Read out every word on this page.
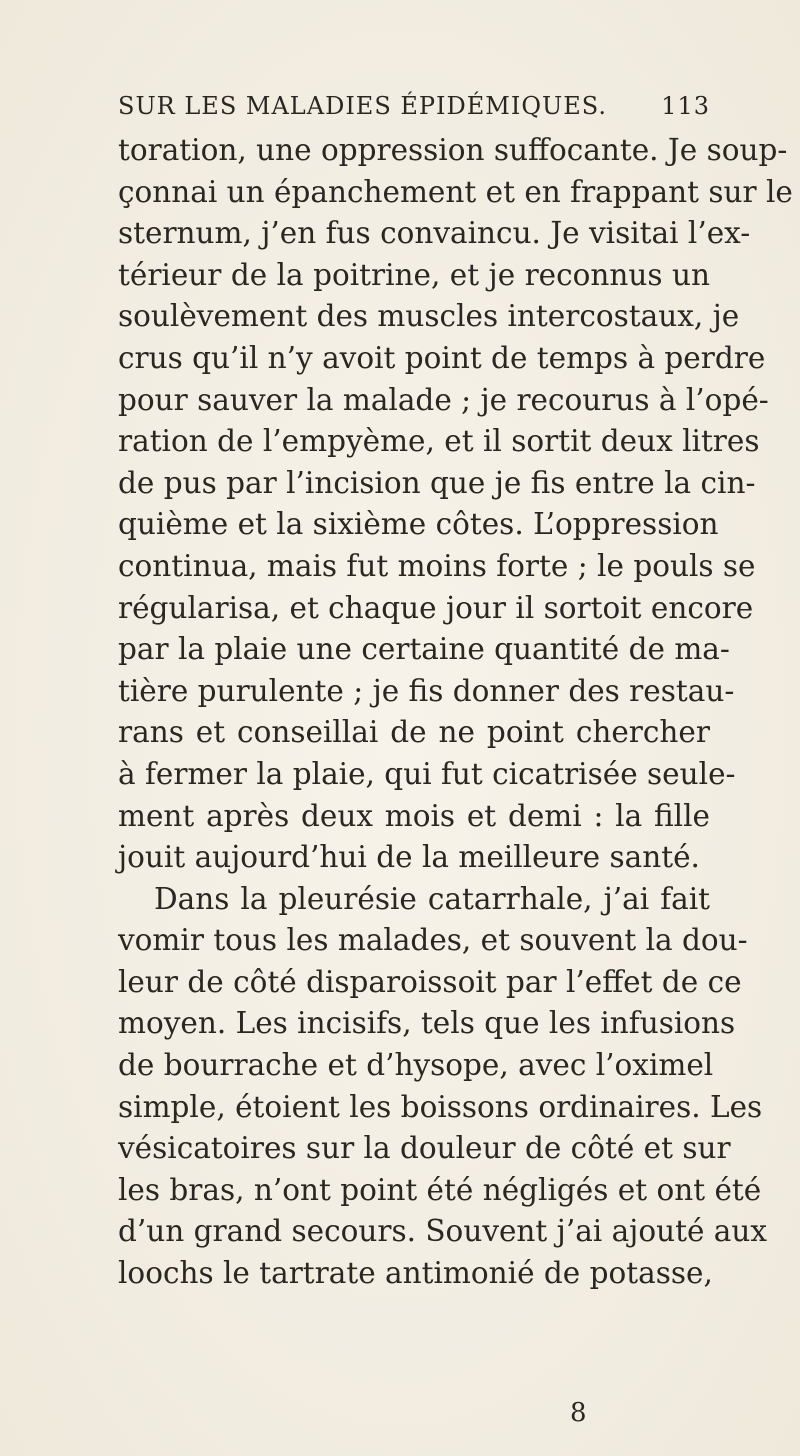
SUR LES MALADIES ÉPIDÉMIQUES. 113
toration, une oppression suffocante. Je soup-
çonnai un épanchement et en frappant sur le
sternum, j’en fus convaincu. Je visitai l’ex-
térieur de la poitrine, et je reconnus un
soulèvement des muscles intercostaux, je
crus qu’il n’y avoit point de temps à perdre
pour sauver la malade ; je recourus à l’opé-
ration de l’empyème, et il sortit deux litres
de pus par l’incision que je fis entre la cin-
quième et la sixième côtes. L’oppression
continua, mais fut moins forte ; le pouls se
régularisa, et chaque jour il sortoit encore
par la plaie une certaine quantité de ma-
tière purulente ; je fis donner des restau-
rans et conseillai de ne point chercher
à fermer la plaie, qui fut cicatrisée seule-
ment après deux mois et demi : la fille
jouit aujourd’hui de la meilleure santé.
Dans la pleurésie catarrhale, j’ai fait
vomir tous les malades, et souvent la dou-
leur de côté disparoissoit par l’effet de ce
moyen. Les incisifs, tels que les infusions
de bourrache et d’hysope, avec l’oximel
simple, étoient les boissons ordinaires. Les
vésicatoires sur la douleur de côté et sur
les bras, n’ont point été négligés et ont été
d’un grand secours. Souvent j’ai ajouté aux
loochs le tartrate antimonié de potasse,
8
